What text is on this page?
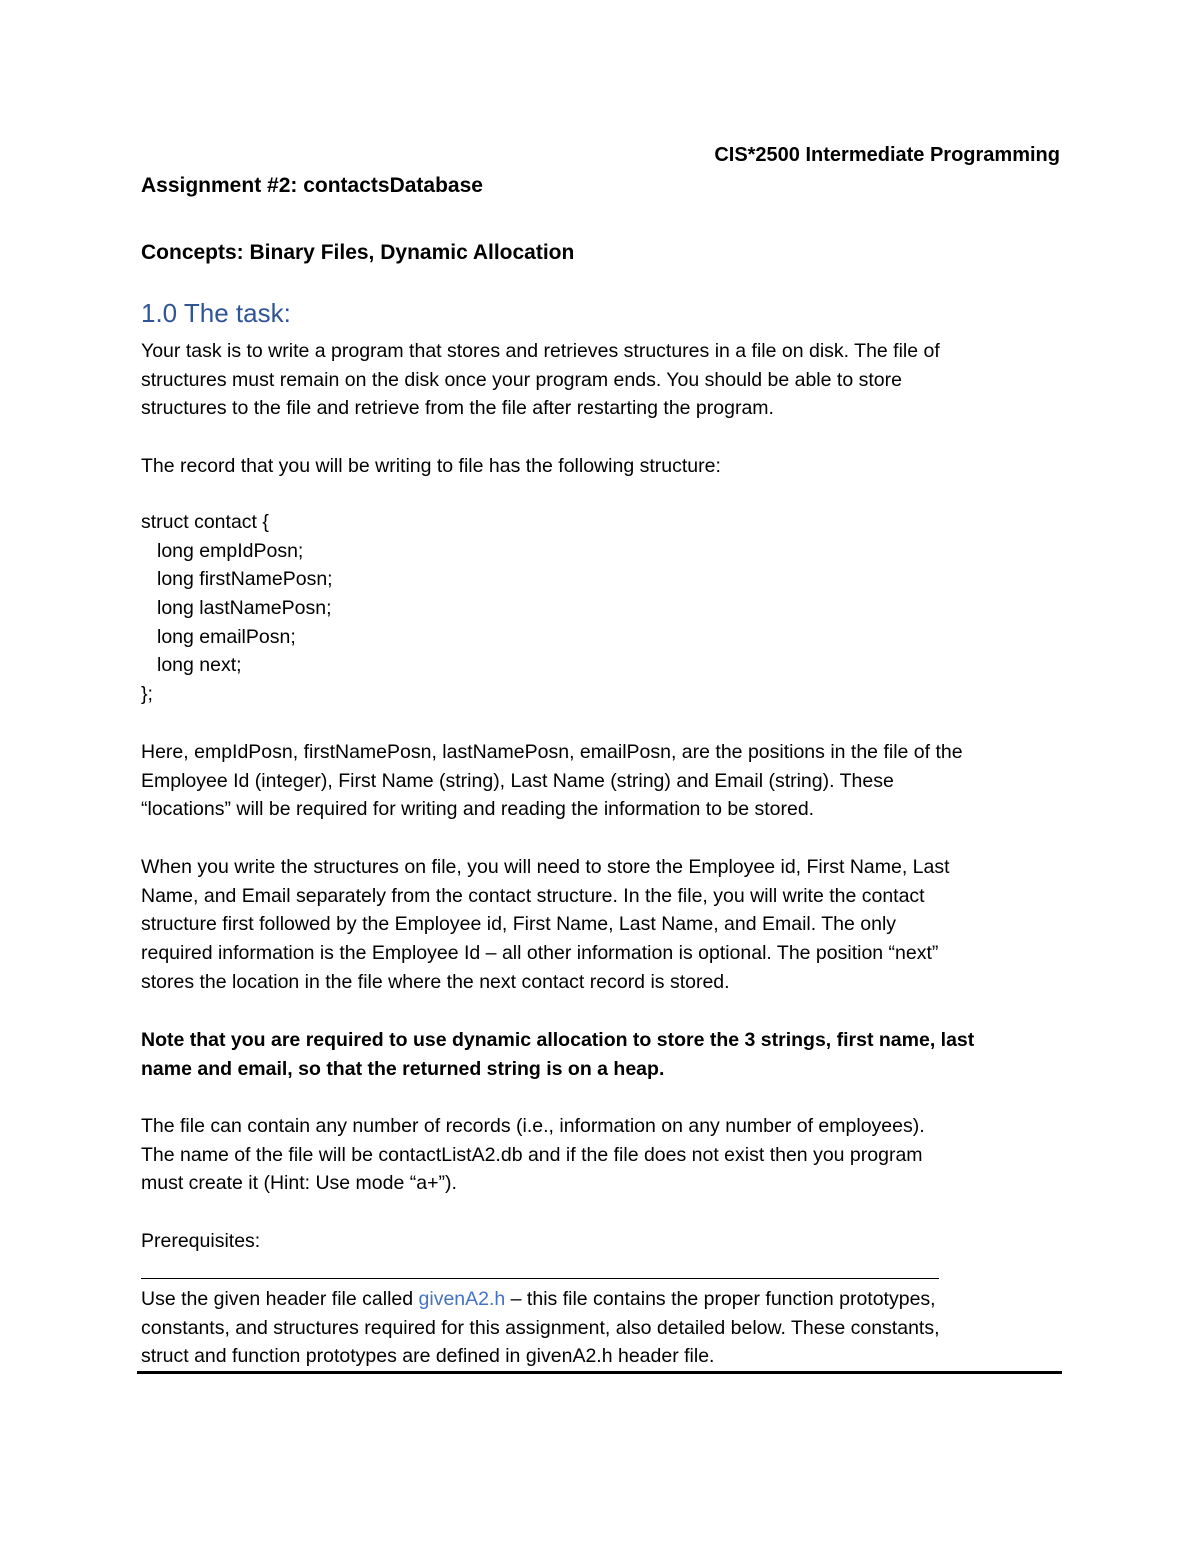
CIS*2500 Intermediate Programming
Assignment #2: contactsDatabase
Concepts: Binary Files, Dynamic Allocation
1.0 The task:
Your task is to write a program that stores and retrieves structures in a file on disk. The file of
structures must remain on the disk once your program ends. You should be able to store
structures to the file and retrieve from the file after restarting the program.
The record that you will be writing to file has the following structure:
struct contact {
long empIdPosn;
long firstNamePosn;
long lastNamePosn;
long emailPosn;
long next;
};
Here, empIdPosn, firstNamePosn, lastNamePosn, emailPosn, are the positions in the file of the
Employee Id (integer), First Name (string), Last Name (string) and Email (string). These
“locations” will be required for writing and reading the information to be stored.
When you write the structures on file, you will need to store the Employee id, First Name, Last
Name, and Email separately from the contact structure. In the file, you will write the contact
structure first followed by the Employee id, First Name, Last Name, and Email. The only
required information is the Employee Id – all other information is optional. The position “next”
stores the location in the file where the next contact record is stored.
Note that you are required to use dynamic allocation to store the 3 strings, first name, last
name and email, so that the returned string is on a heap.
The file can contain any number of records (i.e., information on any number of employees).
The name of the file will be contactListA2.db and if the file does not exist then you program
must create it (Hint: Use mode “a+”).
Prerequisites:
Use the given header file called givenA2.h – this file contains the proper function prototypes,
constants, and structures required for this assignment, also detailed below. These constants,
struct and function prototypes are defined in givenA2.h header file.
